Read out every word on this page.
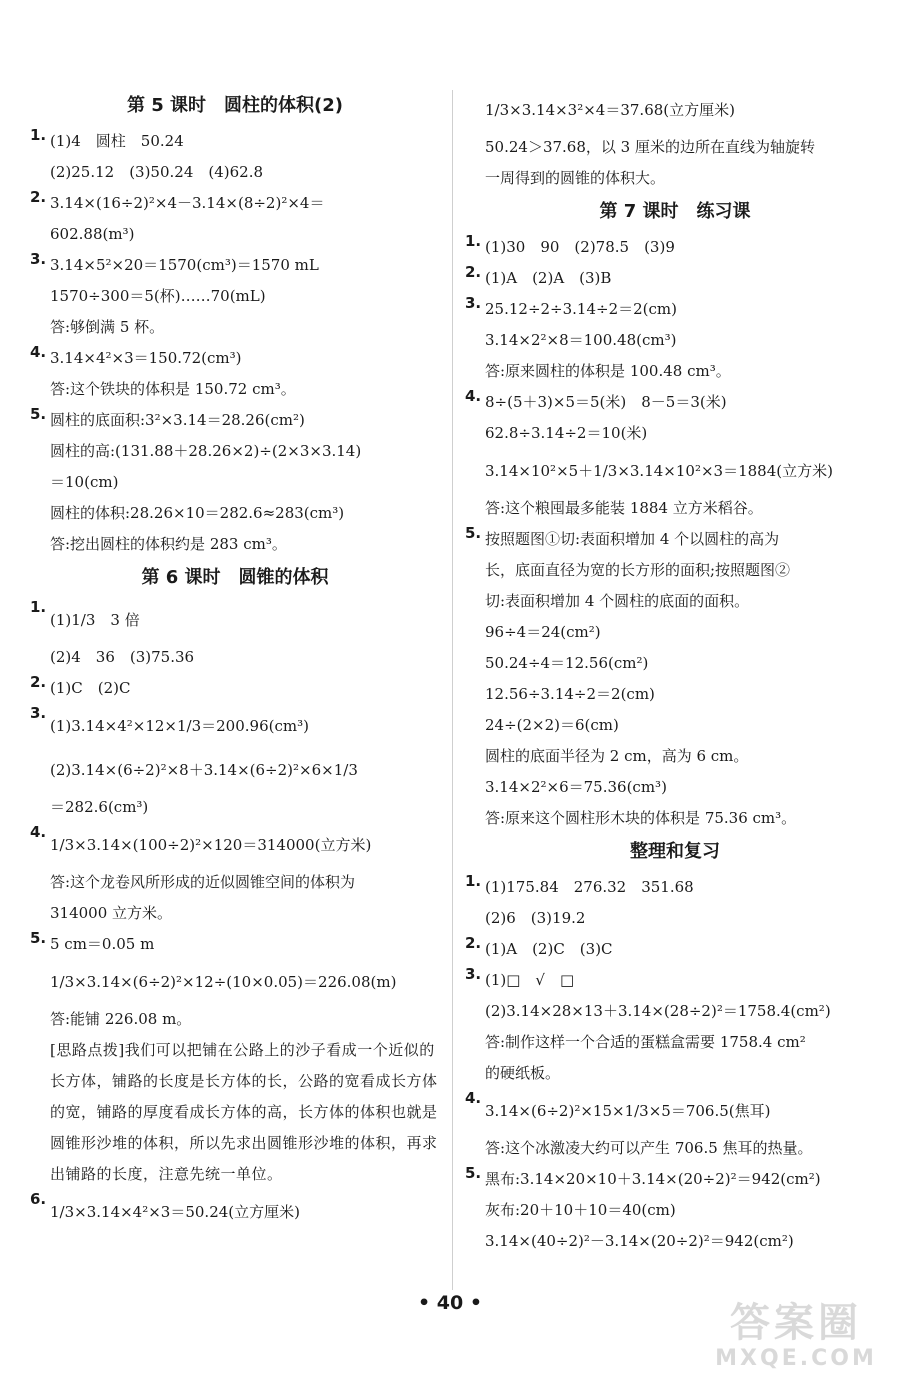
第 5 课时　圆柱的体积(2)
1. (1)4　圆柱　50.24
(2)25.12　(3)50.24　(4)62.8
2. 3.14×(16÷2)²×4－3.14×(8÷2)²×4＝
602.88(m³)
3. 3.14×5²×20＝1570(cm³)＝1570 mL
1570÷300＝5(杯)……70(mL)
答:够倒满 5 杯。
4. 3.14×4²×3＝150.72(cm³)
答:这个铁块的体积是 150.72 cm³。
5. 圆柱的底面积:3²×3.14＝28.26(cm²)
圆柱的高:(131.88＋28.26×2)÷(2×3×3.14)
＝10(cm)
圆柱的体积:28.26×10＝282.6≈283(cm³)
答:挖出圆柱的体积约是 283 cm³。
第 6 课时　圆锥的体积
1.
(1)1/3　3 倍
(2)4　36　(3)75.36
2. (1)C　(2)C
3.
(1)3.14×4²×12×1/3＝200.96(cm³)
(2)3.14×(6÷2)²×8＋3.14×(6÷2)²×6×1/3
＝282.6(cm³)
4.
1/3×3.14×(100÷2)²×120＝314000(立方米)
答:这个龙卷风所形成的近似圆锥空间的体积为
314000 立方米。
5. 5 cm＝0.05 m
1/3×3.14×(6÷2)²×12÷(10×0.05)＝226.08(m)
答:能铺 226.08 m。
[思路点拨]我们可以把铺在公路上的沙子看成一个近似的长方体，铺路的长度是长方体的长，公路的宽看成长方体的宽，铺路的厚度看成长方体的高，长方体的体积也就是圆锥形沙堆的体积，所以先求出圆锥形沙堆的体积，再求出铺路的长度，注意先统一单位。
6.
1/3×3.14×4²×3＝50.24(立方厘米)
1/3×3.14×3²×4＝37.68(立方厘米)
50.24＞37.68，以 3 厘米的边所在直线为轴旋转
一周得到的圆锥的体积大。
第 7 课时　练习课
1. (1)30　90　(2)78.5　(3)9
2. (1)A　(2)A　(3)B
3. 25.12÷2÷3.14÷2＝2(cm)
3.14×2²×8＝100.48(cm³)
答:原来圆柱的体积是 100.48 cm³。
4. 8÷(5＋3)×5＝5(米)　8－5＝3(米)
62.8÷3.14÷2＝10(米)
3.14×10²×5＋1/3×3.14×10²×3＝1884(立方米)
答:这个粮囤最多能装 1884 立方米稻谷。
5. 按照题图①切:表面积增加 4 个以圆柱的高为
长，底面直径为宽的长方形的面积;按照题图②
切:表面积增加 4 个圆柱的底面的面积。
96÷4＝24(cm²)
50.24÷4＝12.56(cm²)
12.56÷3.14÷2＝2(cm)
24÷(2×2)＝6(cm)
圆柱的底面半径为 2 cm，高为 6 cm。
3.14×2²×6＝75.36(cm³)
答:原来这个圆柱形木块的体积是 75.36 cm³。
整理和复习
1. (1)175.84　276.32　351.68
(2)6　(3)19.2
2. (1)A　(2)C　(3)C
3. (1)□　√　□
(2)3.14×28×13＋3.14×(28÷2)²＝1758.4(cm²)
答:制作这样一个合适的蛋糕盒需要 1758.4 cm²
的硬纸板。
4.
3.14×(6÷2)²×15×1/3×5＝706.5(焦耳)
答:这个冰激凌大约可以产生 706.5 焦耳的热量。
5. 黑布:3.14×20×10＋3.14×(20÷2)²＝942(cm²)
灰布:20＋10＋10＝40(cm)
3.14×(40÷2)²－3.14×(20÷2)²＝942(cm²)
• 40 •	答案圈
MXQE.COM
